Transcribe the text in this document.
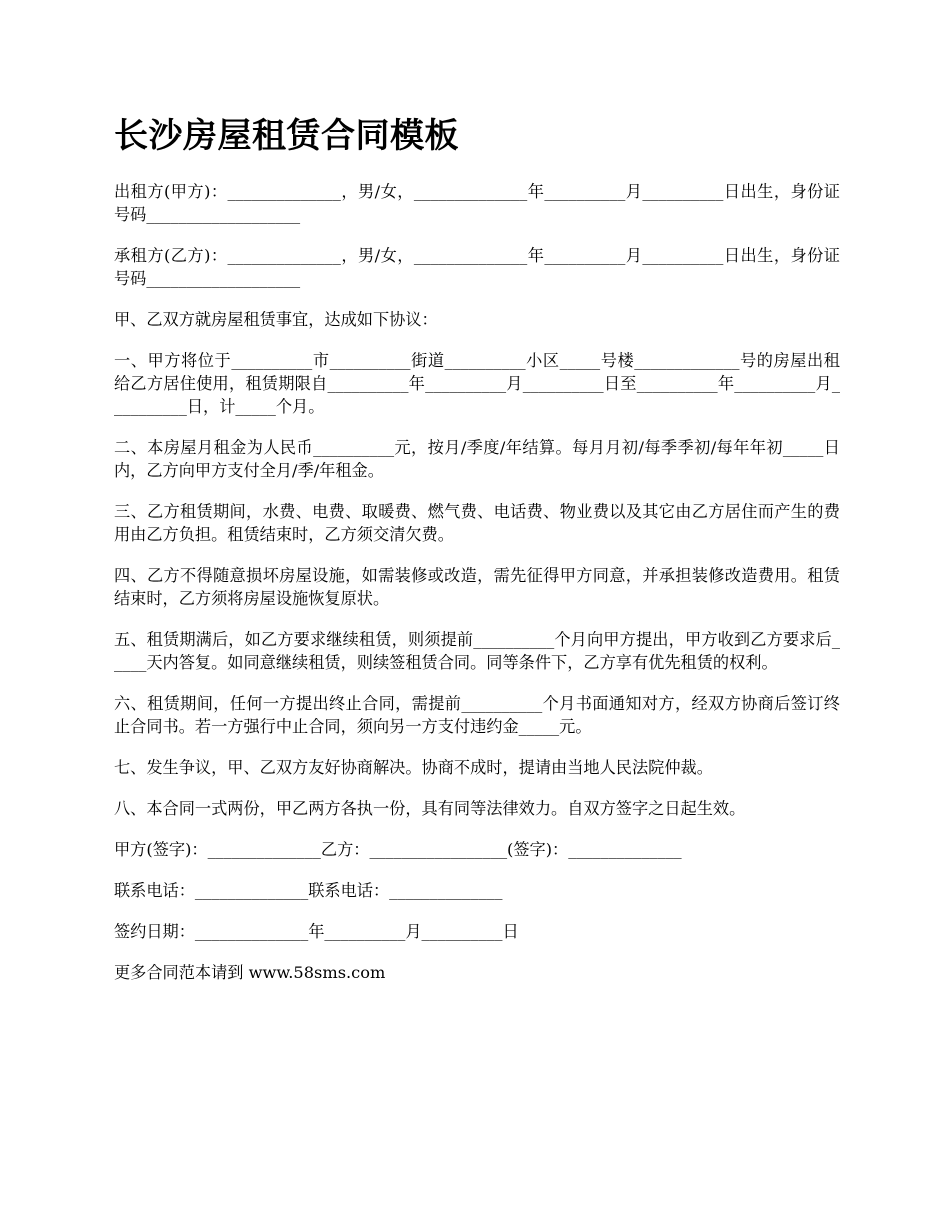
长沙房屋租赁合同模板

出租方(甲方)：______________，男/女，______________年__________月__________日出生，身份证号码___________________

承租方(乙方)：______________，男/女，______________年__________月__________日出生，身份证号码___________________

甲、乙双方就房屋租赁事宜，达成如下协议：

一、甲方将位于__________市__________街道__________小区_____号楼_____________号的房屋出租给乙方居住使用，租赁期限自__________年__________月__________日至__________年__________月__________日，计_____个月。

二、本房屋月租金为人民币__________元，按月/季度/年结算。每月月初/每季季初/每年年初_____日内，乙方向甲方支付全月/季/年租金。

三、乙方租赁期间，水费、电费、取暖费、燃气费、电话费、物业费以及其它由乙方居住而产生的费用由乙方负担。租赁结束时，乙方须交清欠费。

四、乙方不得随意损坏房屋设施，如需装修或改造，需先征得甲方同意，并承担装修改造费用。租赁结束时，乙方须将房屋设施恢复原状。

五、租赁期满后，如乙方要求继续租赁，则须提前__________个月向甲方提出，甲方收到乙方要求后_____天内答复。如同意继续租赁，则续签租赁合同。同等条件下，乙方享有优先租赁的权利。

六、租赁期间，任何一方提出终止合同，需提前__________个月书面通知对方，经双方协商后签订终止合同书。若一方强行中止合同，须向另一方支付违约金_____元。

七、发生争议，甲、乙双方友好协商解决。协商不成时，提请由当地人民法院仲裁。

八、本合同一式两份，甲乙两方各执一份，具有同等法律效力。自双方签字之日起生效。

甲方(签字)：______________乙方：_________________(签字)：______________

联系电话：______________联系电话：______________

签约日期：______________年__________月__________日

更多合同范本请到 www.58sms.com
